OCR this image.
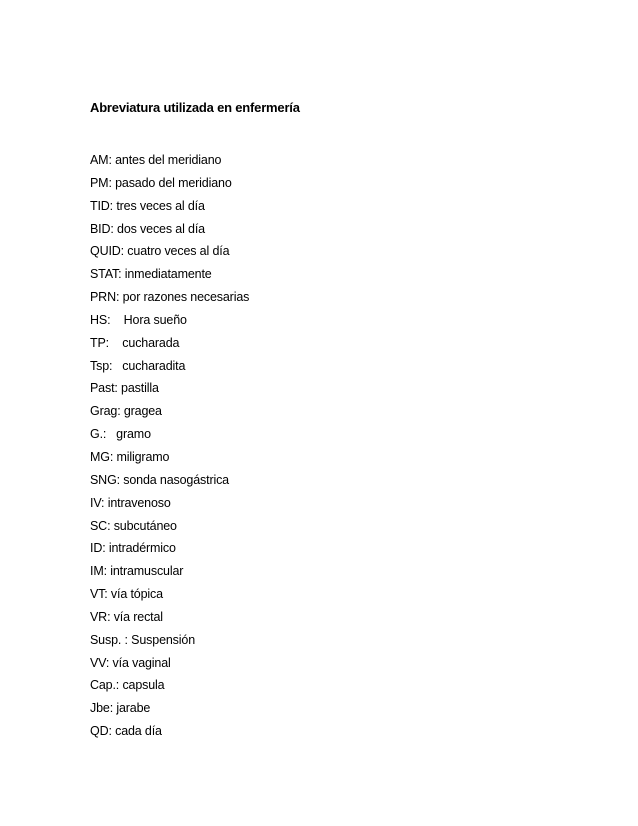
Abreviatura utilizada en enfermería
AM: antes del meridiano
PM: pasado del meridiano
TID: tres veces al día
BID: dos veces al día
QUID: cuatro veces al día
STAT: inmediatamente
PRN: por razones necesarias
HS:    Hora sueño
TP:    cucharada
Tsp:   cucharadita
Past: pastilla
Grag: gragea
G.:   gramo
MG: miligramo
SNG: sonda nasogástrica
IV: intravenoso
SC: subcutáneo
ID: intradérmico
IM: intramuscular
VT: vía tópica
VR: vía rectal
Susp. : Suspensión
VV: vía vaginal
Cap.: capsula
Jbe: jarabe
QD: cada día
